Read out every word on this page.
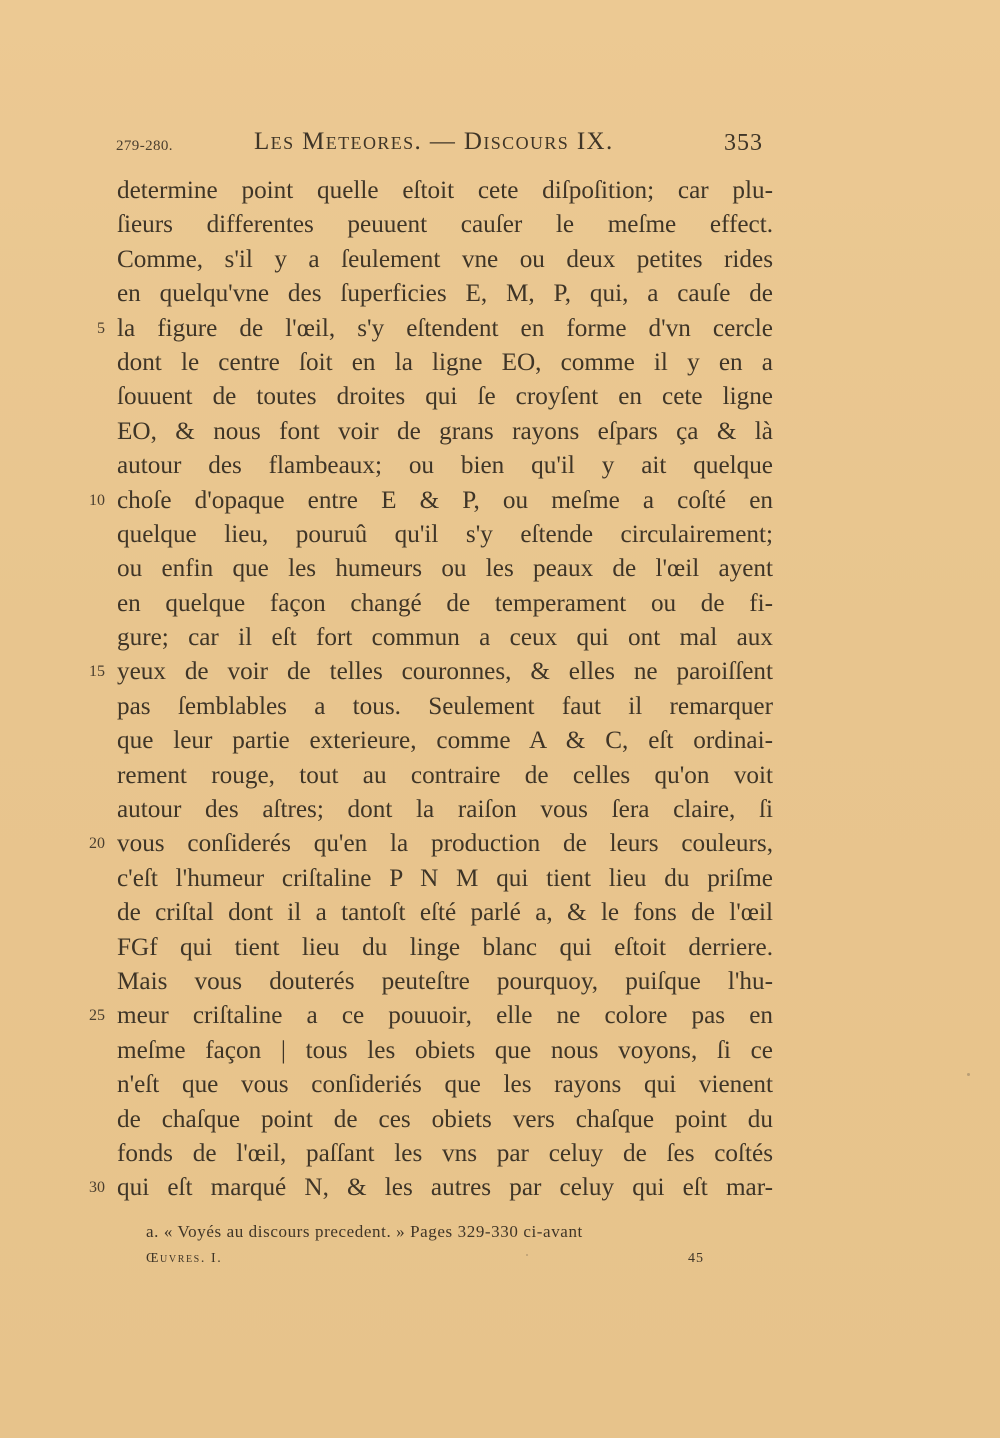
279-280.	Les Meteores. — Discours IX.	353
determine point quelle eſtoit cete diſpoſition; car plu-
ſieurs differentes peuuent cauſer le meſme effect.
Comme, s'il y a ſeulement vne ou deux petites rides
en quelqu'vne des ſuperficies E, M, P, qui, a cauſe de
5 la figure de l'œil, s'y eſtendent en forme d'vn cercle
dont le centre ſoit en la ligne EO, comme il y en a
ſouuent de toutes droites qui ſe croyſent en cete ligne
EO, & nous font voir de grans rayons eſpars ça & là
autour des flambeaux; ou bien qu'il y ait quelque
10 choſe d'opaque entre E & P, ou meſme a coſté en
quelque lieu, pouruû qu'il s'y eſtende circulairement;
ou enfin que les humeurs ou les peaux de l'œil ayent
en quelque façon changé de temperament ou de fi-
gure; car il eſt fort commun a ceux qui ont mal aux
15 yeux de voir de telles couronnes, & elles ne paroiſſent
pas ſemblables a tous. Seulement faut il remarquer
que leur partie exterieure, comme A & C, eſt ordinai-
rement rouge, tout au contraire de celles qu'on voit
autour des aſtres; dont la raiſon vous ſera claire, ſi
20 vous conſiderés qu'en la production de leurs couleurs,
c'eſt l'humeur criſtaline P N M qui tient lieu du priſme
de criſtal dont il a tantoſt eſté parlé a, & le fons de l'œil
FGf qui tient lieu du linge blanc qui eſtoit derriere.
Mais vous douterés peuteſtre pourquoy, puiſque l'hu-
25 meur criſtaline a ce pouuoir, elle ne colore pas en
meſme façon | tous les obiets que nous voyons, ſi ce
n'eſt que vous conſideriés que les rayons qui vienent
de chaſque point de ces obiets vers chaſque point du
fonds de l'œil, paſſant les vns par celuy de ſes coſtés
30 qui eſt marqué N, & les autres par celuy qui eſt mar-
a. « Voyés au discours precedent. » Pages 329-330 ci-avant
Œuvres. I.	45
